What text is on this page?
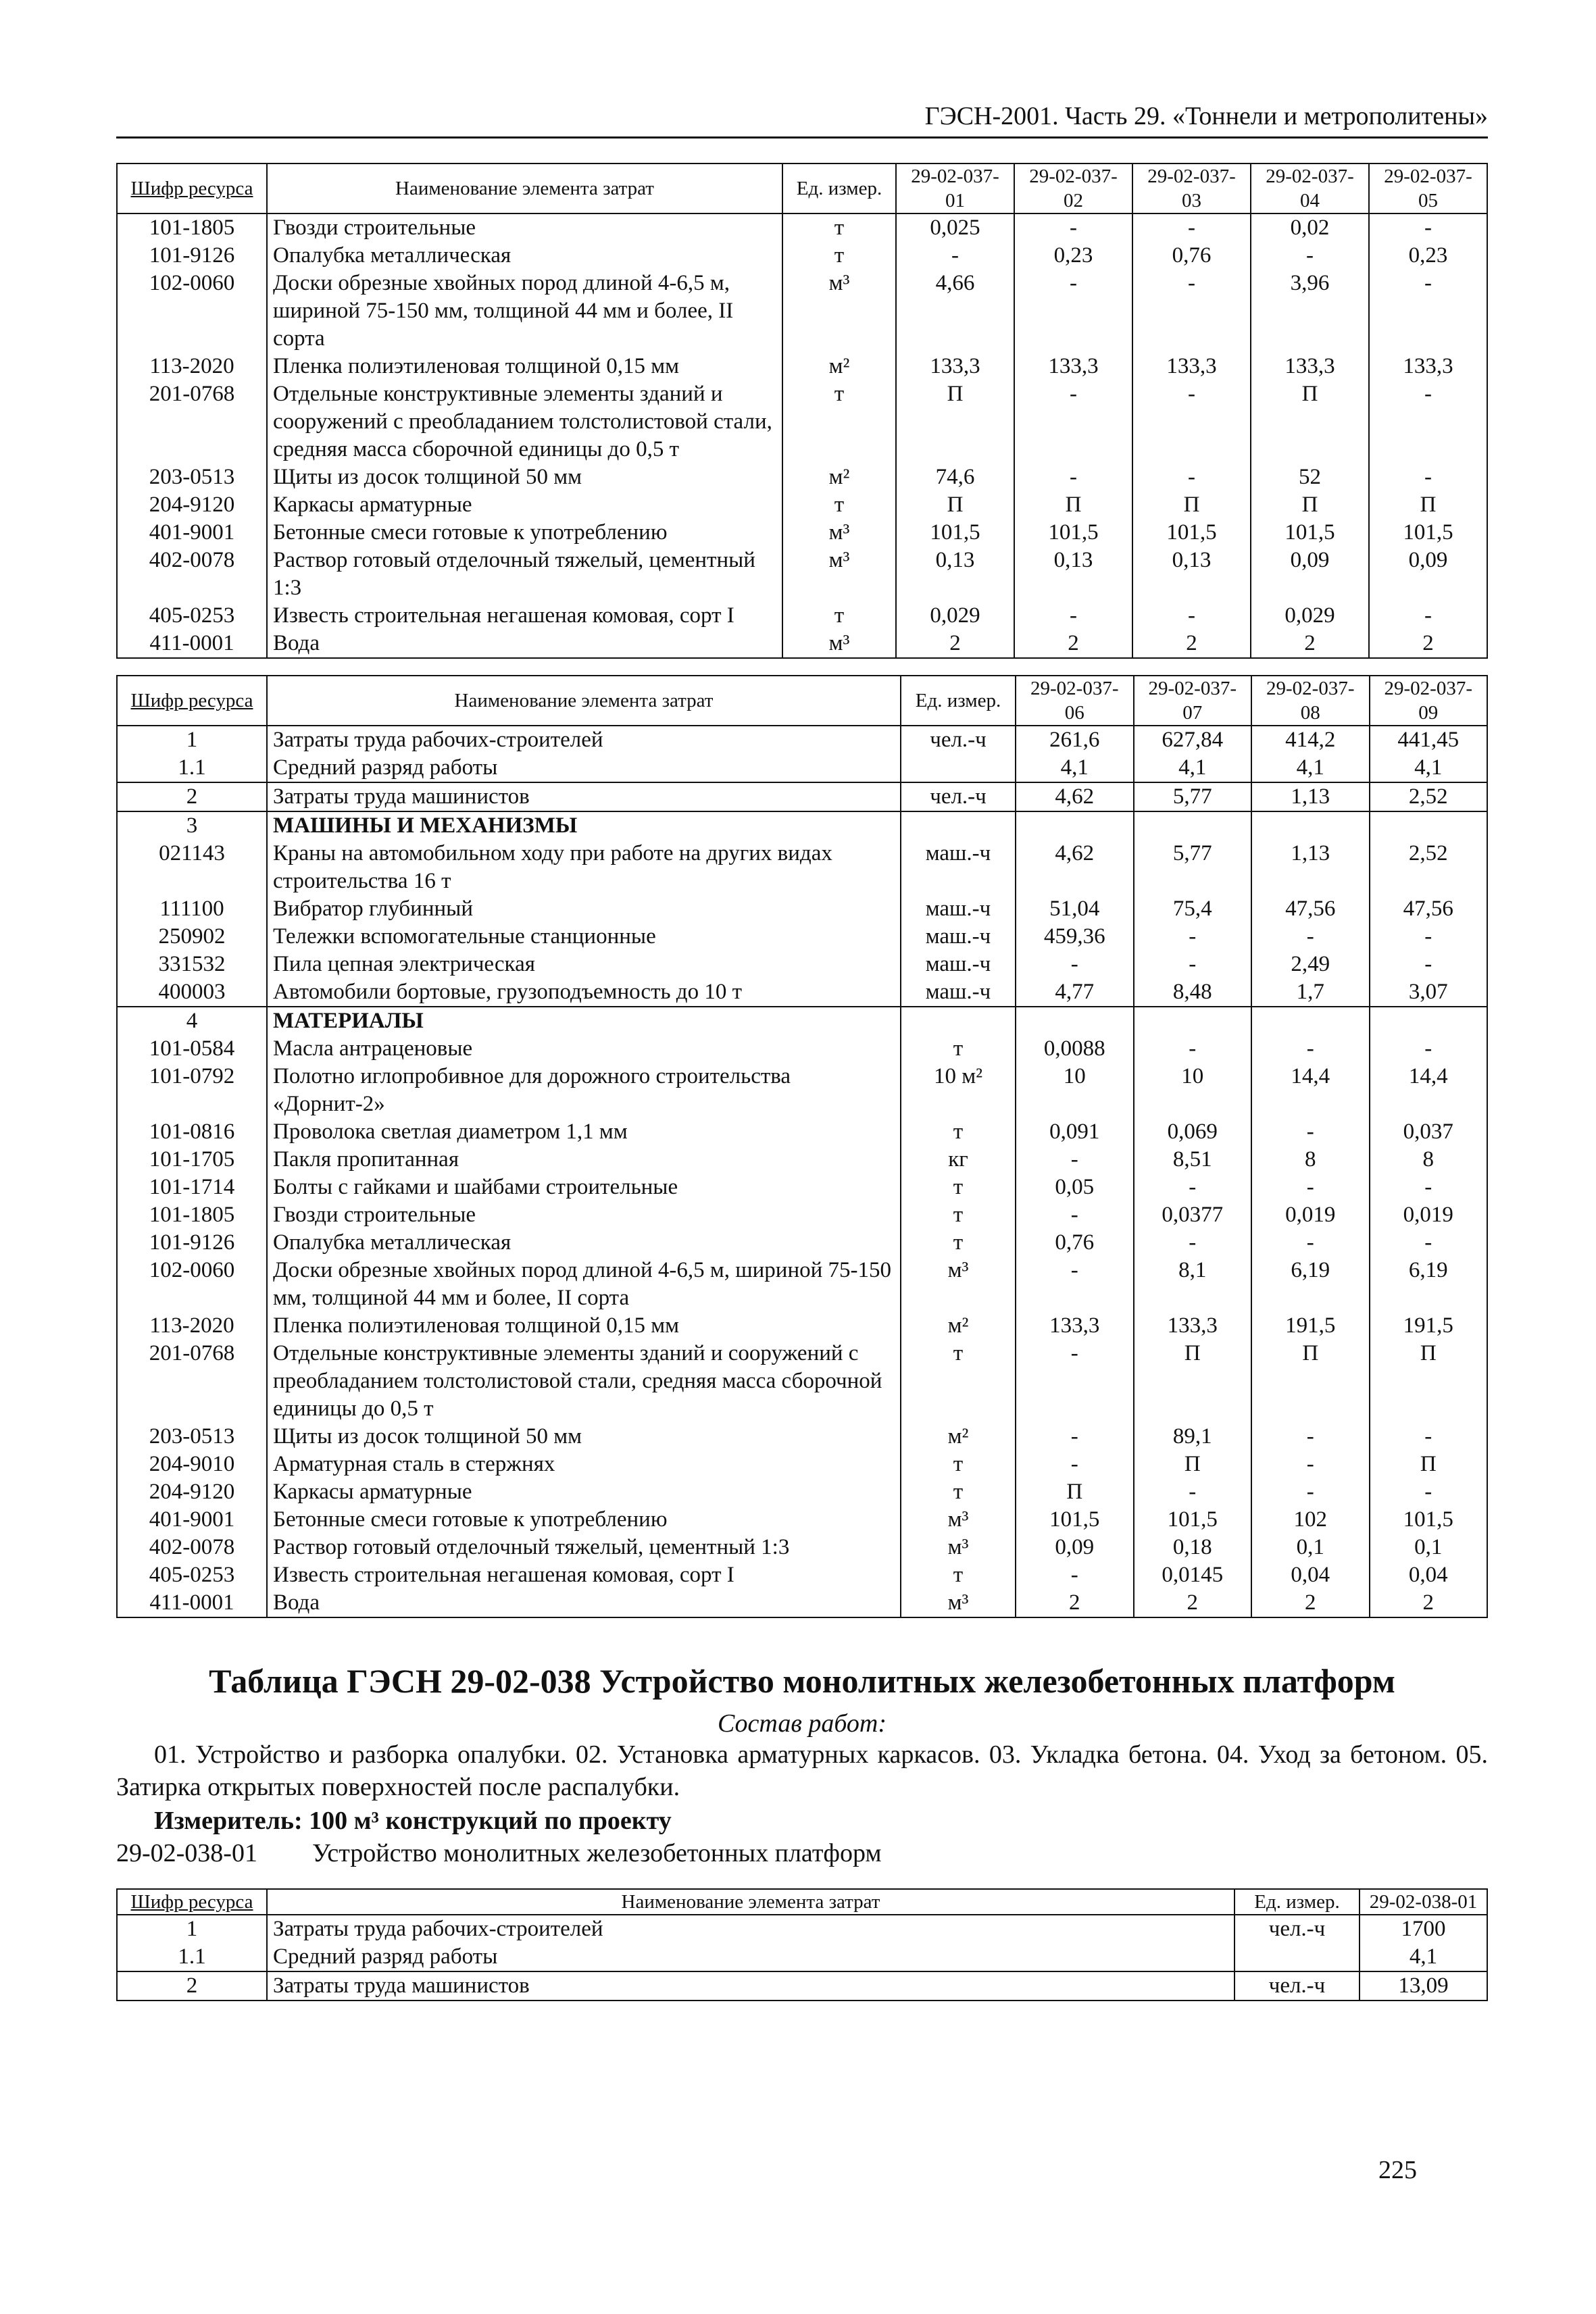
ГЭСН-2001. Часть 29. «Тоннели и метрополитены»
Шифр ресурса	Наименование элемента затрат	Ед. измер.	29-02-037-01	29-02-037-02	29-02-037-03	29-02-037-04	29-02-037-05
101-1805	Гвозди строительные	т	0,025	-	-	0,02	-
101-9126	Опалубка металлическая	т	-	0,23	0,76	-	0,23
102-0060	Доски обрезные хвойных пород длиной 4-6,5 м, шириной 75-150 мм, толщиной 44 мм и более, II сорта	м³	4,66	-	-	3,96	-
113-2020	Пленка полиэтиленовая толщиной 0,15 мм	м²	133,3	133,3	133,3	133,3	133,3
201-0768	Отдельные конструктивные элементы зданий и сооружений с преобладанием толстолистовой стали, средняя масса сборочной единицы до 0,5 т	т	П	-	-	П	-
203-0513	Щиты из досок толщиной 50 мм	м²	74,6	-	-	52	-
204-9120	Каркасы арматурные	т	П	П	П	П	П
401-9001	Бетонные смеси готовые к употреблению	м³	101,5	101,5	101,5	101,5	101,5
402-0078	Раствор готовый отделочный тяжелый, цементный 1:3	м³	0,13	0,13	0,13	0,09	0,09
405-0253	Известь строительная негашеная комовая, сорт I	т	0,029	-	-	0,029	-
411-0001	Вода	м³	2	2	2	2	2
Шифр ресурса	Наименование элемента затрат	Ед. измер.	29-02-037-06	29-02-037-07	29-02-037-08	29-02-037-09
1	Затраты труда рабочих-строителей	чел.-ч	261,6	627,84	414,2	441,45
1.1	Средний разряд работы		4,1	4,1	4,1	4,1
2	Затраты труда машинистов	чел.-ч	4,62	5,77	1,13	2,52
3	МАШИНЫ И МЕХАНИЗМЫ					
021143	Краны на автомобильном ходу при работе на других видах строительства 16 т	маш.-ч	4,62	5,77	1,13	2,52
111100	Вибратор глубинный	маш.-ч	51,04	75,4	47,56	47,56
250902	Тележки вспомогательные станционные	маш.-ч	459,36	-	-	-
331532	Пила цепная электрическая	маш.-ч	-	-	2,49	-
400003	Автомобили бортовые, грузоподъемность до 10 т	маш.-ч	4,77	8,48	1,7	3,07
4	МАТЕРИАЛЫ					
101-0584	Масла антраценовые	т	0,0088	-	-	-
101-0792	Полотно иглопробивное для дорожного строительства «Дорнит-2»	10 м²	10	10	14,4	14,4
101-0816	Проволока светлая диаметром 1,1 мм	т	0,091	0,069	-	0,037
101-1705	Пакля пропитанная	кг	-	8,51	8	8
101-1714	Болты с гайками и шайбами строительные	т	0,05	-	-	-
101-1805	Гвозди строительные	т	-	0,0377	0,019	0,019
101-9126	Опалубка металлическая	т	0,76	-	-	-
102-0060	Доски обрезные хвойных пород длиной 4-6,5 м, шириной 75-150 мм, толщиной 44 мм и более, II сорта	м³	-	8,1	6,19	6,19
113-2020	Пленка полиэтиленовая толщиной 0,15 мм	м²	133,3	133,3	191,5	191,5
201-0768	Отдельные конструктивные элементы зданий и сооружений с преобладанием толстолистовой стали, средняя масса сборочной единицы до 0,5 т	т	-	П	П	П
203-0513	Щиты из досок толщиной 50 мм	м²	-	89,1	-	-
204-9010	Арматурная сталь в стержнях	т	-	П	-	П
204-9120	Каркасы арматурные	т	П	-	-	-
401-9001	Бетонные смеси готовые к употреблению	м³	101,5	101,5	102	101,5
402-0078	Раствор готовый отделочный тяжелый, цементный 1:3	м³	0,09	0,18	0,1	0,1
405-0253	Известь строительная негашеная комовая, сорт I	т	-	0,0145	0,04	0,04
411-0001	Вода	м³	2	2	2	2
Таблица ГЭСН 29-02-038 Устройство монолитных железобетонных платформ
Состав работ:
01. Устройство и разборка опалубки. 02. Установка арматурных каркасов. 03. Укладка бетона. 04. Уход за бетоном. 05. Затирка открытых поверхностей после распалубки.
Измеритель: 100 м³ конструкций по проекту
29-02-038-01 Устройство монолитных железобетонных платформ
Шифр ресурса	Наименование элемента затрат	Ед. измер.	29-02-038-01
1	Затраты труда рабочих-строителей	чел.-ч	1700
1.1	Средний разряд работы		4,1
2	Затраты труда машинистов	чел.-ч	13,09
225
